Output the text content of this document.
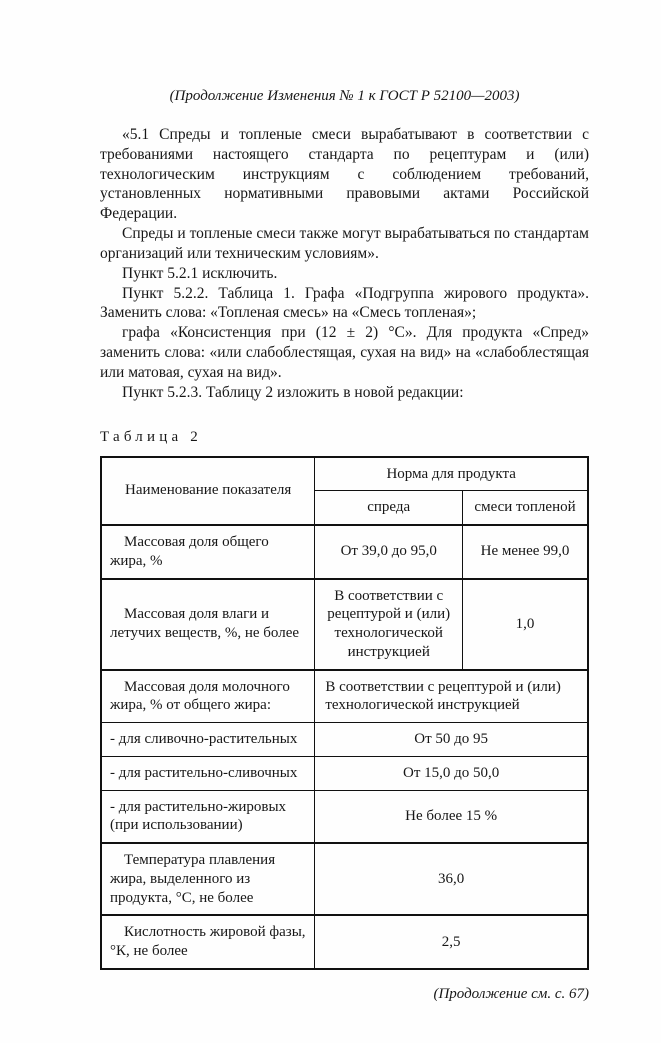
(Продолжение Изменения № 1 к ГОСТ Р 52100—2003)

«5.1 Спреды и топленые смеси вырабатывают в соответствии с требованиями настоящего стандарта по рецептурам и (или) технологическим инструкциям с соблюдением требований, установленных нормативными правовыми актами Российской Федерации.

Спреды и топленые смеси также могут вырабатываться по стандартам организаций или техническим условиям».

Пункт 5.2.1 исключить.

Пункт 5.2.2. Таблица 1. Графа «Подгруппа жирового продукта». Заменить слова: «Топленая смесь» на «Смесь топленая»;

графа «Консистенция при (12 ± 2) °С». Для продукта «Спред» заменить слова: «или слабоблестящая, сухая на вид» на «слабоблестящая или матовая, сухая на вид».

Пункт 5.2.3. Таблицу 2 изложить в новой редакции:

Таблица 2
Наименование показателя	Норма для продукта	
	спреда	смеси топленой
Массовая доля общего жира, %	От 39,0 до 95,0	Не менее 99,0
Массовая доля влаги и летучих веществ, %, не более	В соответствии с рецептурой и (или) технологической инструкцией	1,0
Массовая доля молочного жира, % от общего жира:	В соответствии с рецептурой и (или) технологической инструкцией	
- для сливочно-растительных	От 50 до 95	
- для растительно-сливочных	От 15,0 до 50,0	
- для растительно-жировых (при использовании)	Не более 15 %	
Температура плавления жира, выделенного из продукта, °С, не более	36,0	
Кислотность жировой фазы, °К, не более	2,5	
(Продолжение см. с. 67)
